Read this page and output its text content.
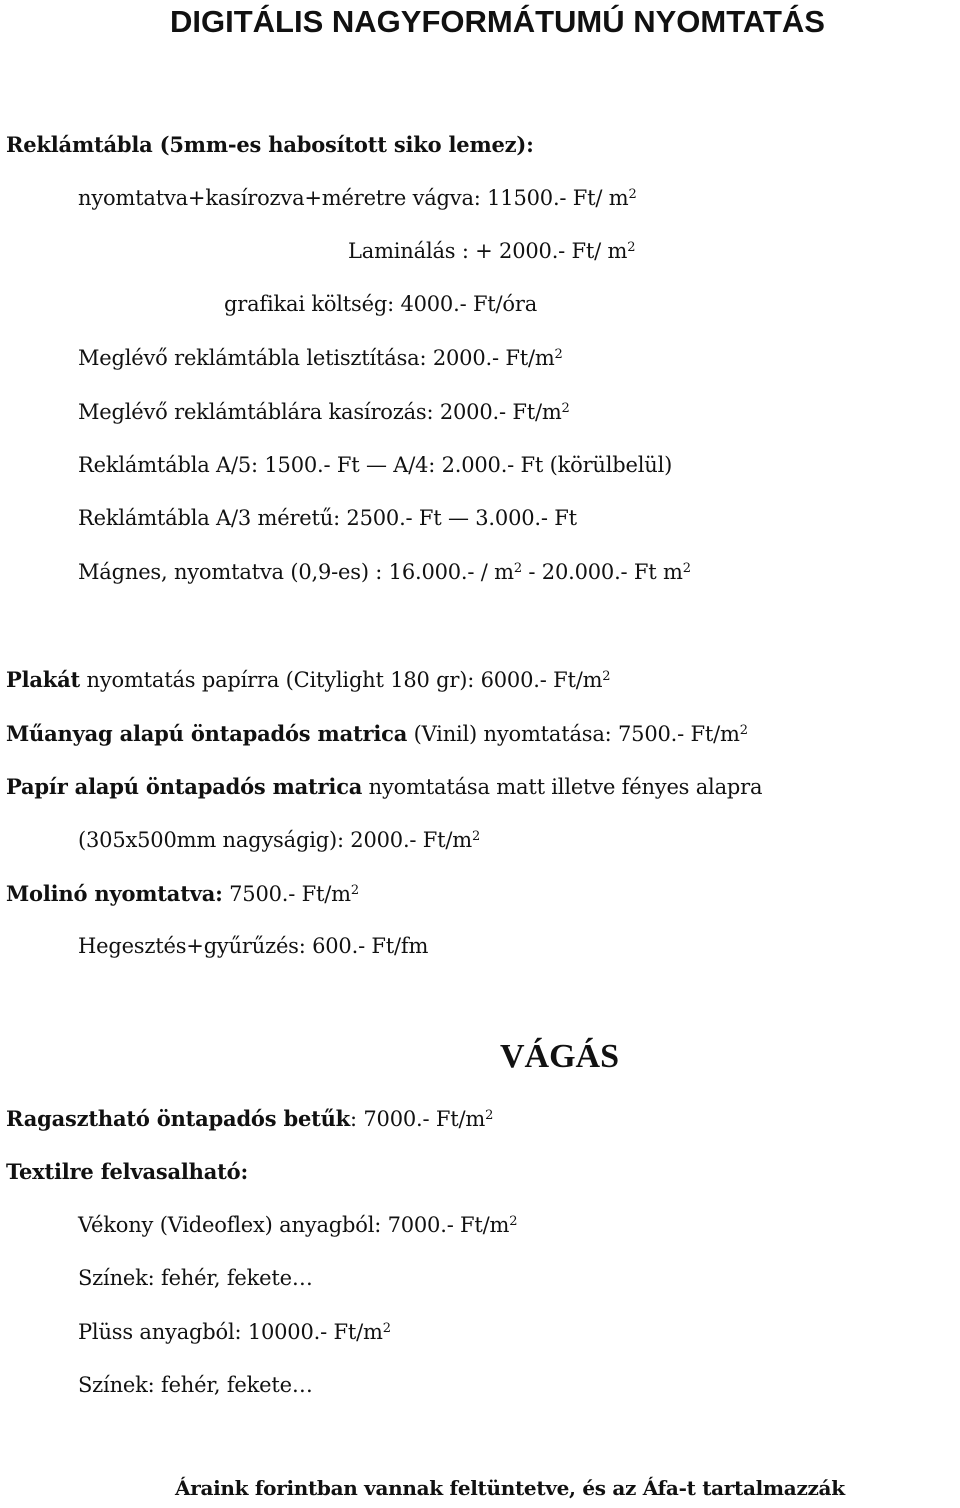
DIGITÁLIS NAGYFORMÁTUMÚ NYOMTATÁS
Reklámtábla (5mm-es habosított siko lemez):
nyomtatva+kasírozva+méretre vágva: 11500.- Ft/ $m^2$
Laminálás : + 2000.- Ft/ $m^2$
grafikai költség: 4000.- Ft/óra
Meglévő reklámtábla letisztítása: 2000.- $Ft/m^2$
Meglévő reklámtáblára kasírozás: 2000.- $Ft/m^2$
Reklámtábla A/5: 1500.- Ft — A/4: 2.000.- Ft (körülbelül)
Reklámtábla A/3 méretű: 2500.- Ft — 3.000.- Ft
Mágnes, nyomtatva (0,9-es) : $16.000.- / m^2 - 20.000.-$ Ft $m^2$
Plakát nyomtatás papírra (Citylight 180 gr): 6000.- $Ft/m^2$
Műanyag alapú öntapadós matrica (Vinil) nyomtatása: 7500.- $Ft/m^2$
Papír alapú öntapadós matrica nyomtatása matt illetve fényes alapra
(305x500mm nagyságig): 2000.- $Ft/m^2$
Molinó nyomtatva: 7500.- $Ft/m^2$
Hegesztés+gyűrűzés: 600.- Ft/fm
VÁGÁS
Ragasztható öntapadós betűk: 7000.- $Ft/m^2$
Textilre felvasalható:
Vékony (Videoflex) anyagból: 7000.- $Ft/m^2$
Színek: fehér, fekete…
Plüss anyagból: 10000.- $Ft/m^2$
Színek: fehér, fekete…
Áraink forintban vannak feltüntetve, és az Áfa-t tartalmazzák
